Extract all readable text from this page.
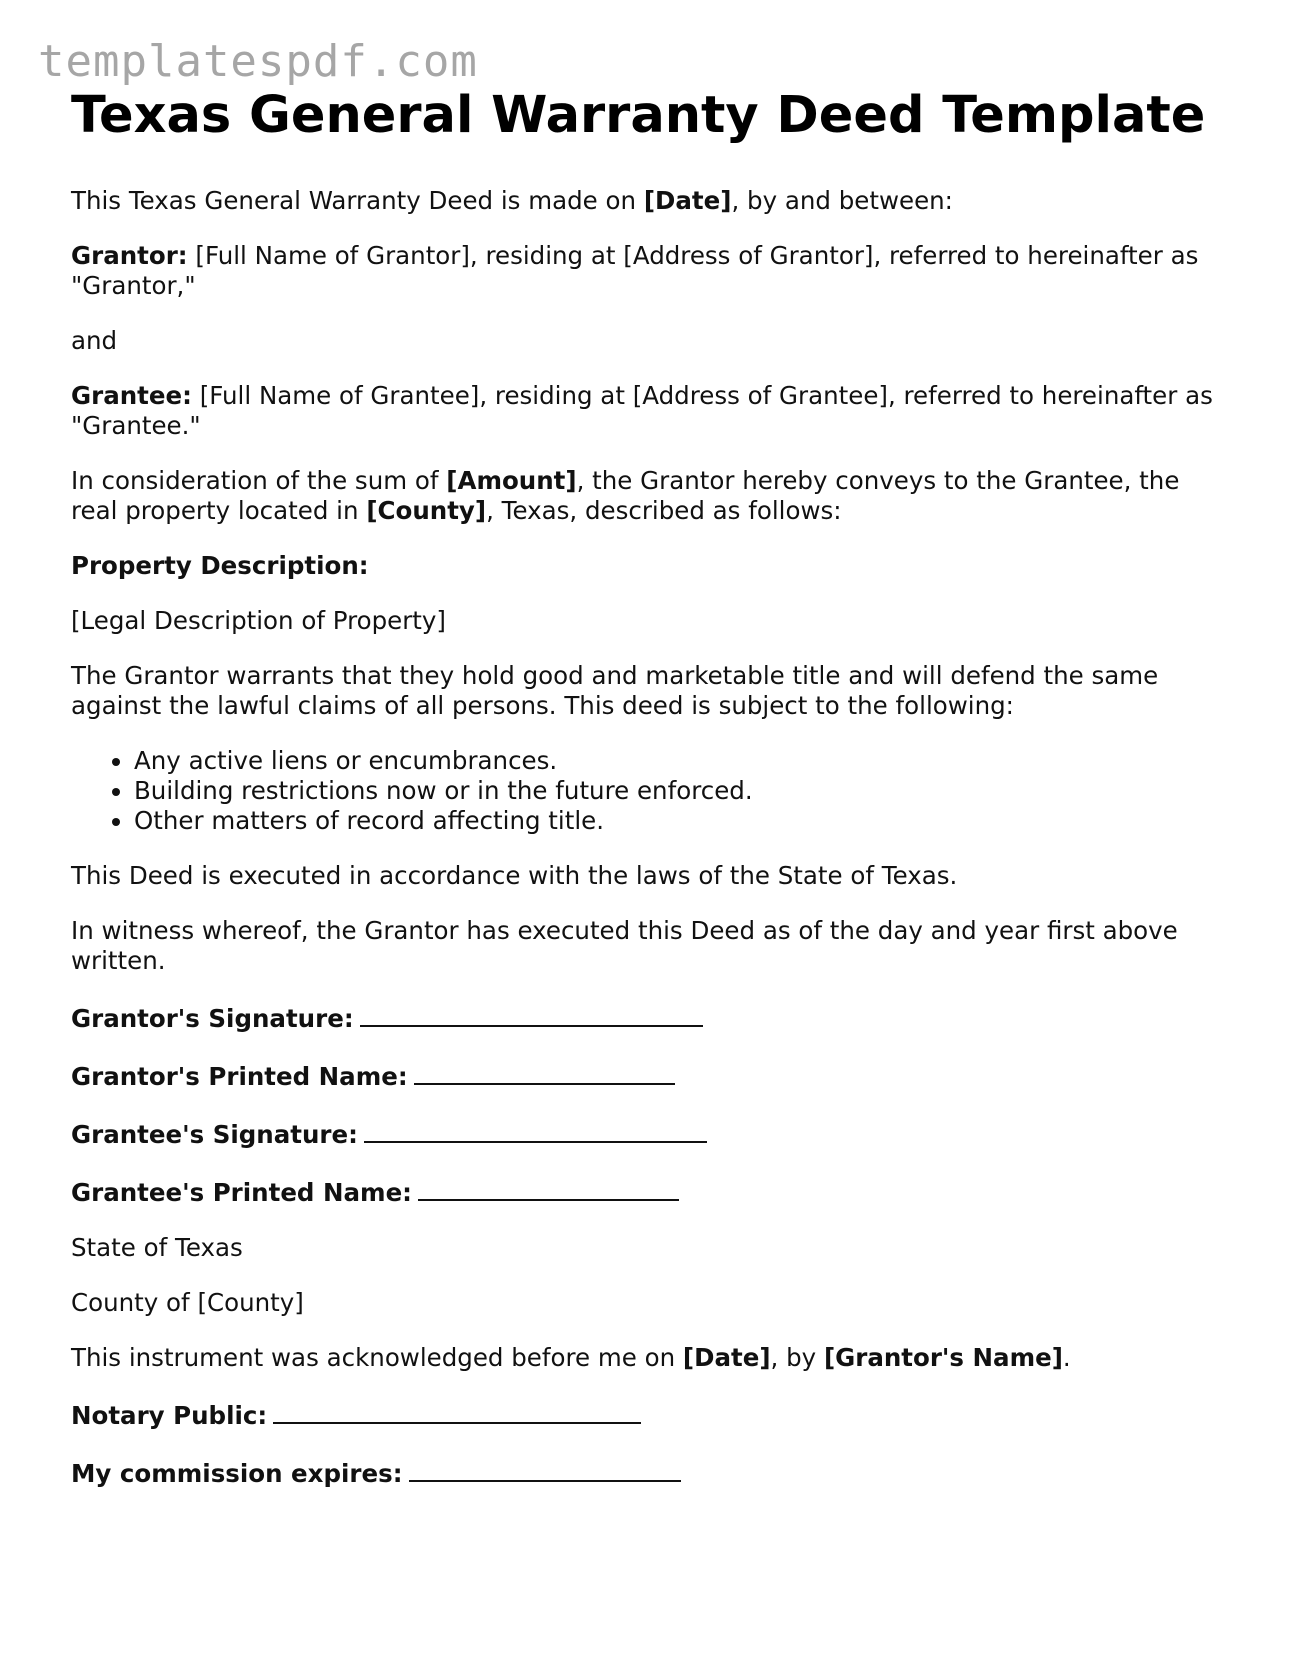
templatespdf.com
Texas General Warranty Deed Template

This Texas General Warranty Deed is made on [Date], by and between:

Grantor: [Full Name of Grantor], residing at [Address of Grantor], referred to hereinafter as "Grantor,"

and

Grantee: [Full Name of Grantee], residing at [Address of Grantee], referred to hereinafter as "Grantee."

In consideration of the sum of [Amount], the Grantor hereby conveys to the Grantee, the real property located in [County], Texas, described as follows:

Property Description:

[Legal Description of Property]

The Grantor warrants that they hold good and marketable title and will defend the same against the lawful claims of all persons. This deed is subject to the following:

• Any active liens or encumbrances.
• Building restrictions now or in the future enforced.
• Other matters of record affecting title.

This Deed is executed in accordance with the laws of the State of Texas.

In witness whereof, the Grantor has executed this Deed as of the day and year first above written.

Grantor's Signature:

Grantor's Printed Name:

Grantee's Signature:

Grantee's Printed Name:

State of Texas

County of [County]

This instrument was acknowledged before me on [Date], by [Grantor's Name].

Notary Public:

My commission expires:
